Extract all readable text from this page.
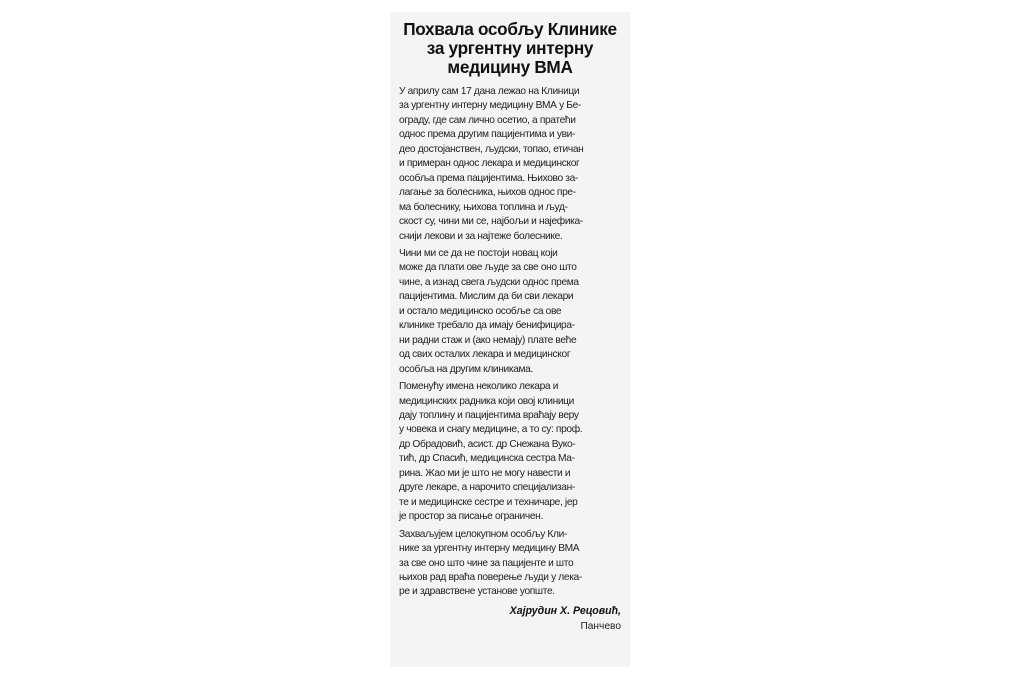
Похвала особљу Клинике
за ургентну интерну
медицину ВМА
У априлу сам 17 дана лежао на Клиници
за ургентну интерну медицину ВМА у Бе-
ограду, где сам лично осетио, а пратећи
однос према другим пацијентима и уви-
део достојанствен, људски, топао, етичан
и примеран однос лекара и медицинског
особља према пацијентима. Њихово за-
лагање за болесника, њихов однос пре-
ма болеснику, њихова топлина и људ-
скост су, чини ми се, најбољи и најефика-
снији лекови и за најтеже болеснике.
Чини ми се да не постоји новац који
може да плати ове људе за све оно што
чине, а изнад свега људски однос према
пацијентима. Мислим да би сви лекари
и остало медицинско особље са ове
клинике требало да имају бенифицира-
ни радни стаж и (ако немају) плате веће
од свих осталих лекара и медицинског
особља на другим клиникама.
Поменућу имена неколико лекара и
медицинских радника који овој клиници
дају топлину и пацијентима враћају веру
у човека и снагу медицине, а то су: проф.
др Обрадовић, асист. др Снежана Вуко-
тић, др Спасић, медицинска сестра Ма-
рина. Жао ми је што не могу навести и
друге лекаре, а нарочито специјализан-
те и медицинске сестре и техничаре, јер
је простор за писање ограничен.
Захваљујем целокупном особљу Кли-
нике за ургентну интерну медицину ВМА
за све оно што чине за пацијенте и што
њихов рад враћа поверење људи у лека-
ре и здравствене установе уопште.
Хајрудин Х. Рецовић,
Панчево
